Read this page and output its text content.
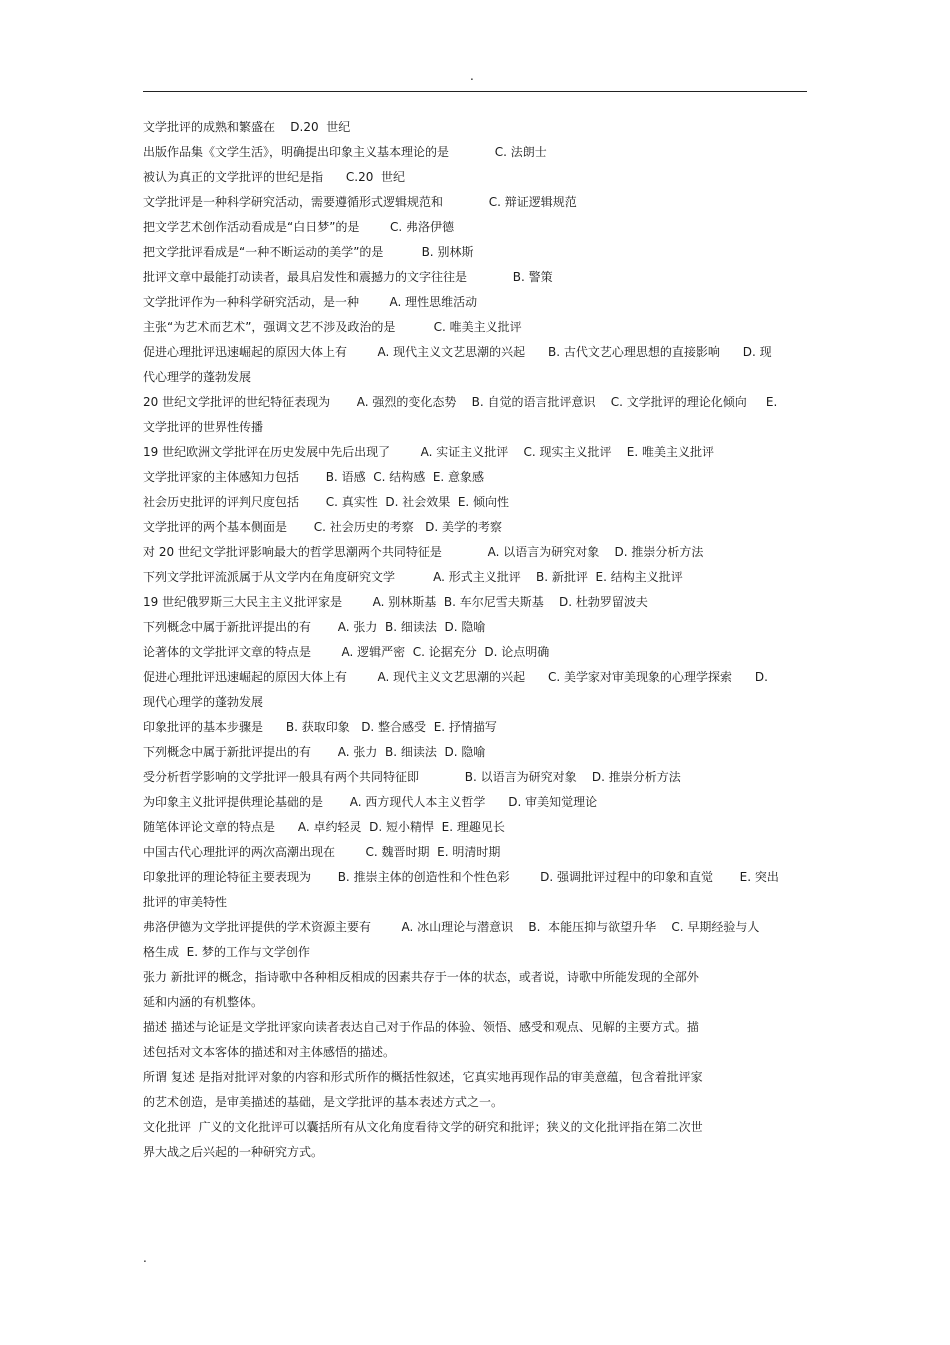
.
文学批评的成熟和繁盛在    D.20  世纪
出版作品集《文学生活》，明确提出印象主义基本理论的是            C. 法朗士
被认为真正的文学批评的世纪是指      C.20  世纪
文学批评是一种科学研究活动，需要遵循形式逻辑规范和            C. 辩证逻辑规范
把文学艺术创作活动看成是“白日梦”的是        C. 弗洛伊德
把文学批评看成是“一种不断运动的美学”的是          B. 别林斯
批评文章中最能打动读者，最具启发性和震撼力的文字往往是            B. 警策
文学批评作为一种科学研究活动，是一种        A. 理性思维活动
主张“为艺术而艺术”，强调文艺不涉及政治的是          C. 唯美主义批评
促进心理批评迅速崛起的原因大体上有        A. 现代主义文艺思潮的兴起      B. 古代文艺心理思想的直接影响      D. 现
代心理学的蓬勃发展
20 世纪文学批评的世纪特征表现为       A. 强烈的变化态势    B. 自觉的语言批评意识    C. 文学批评的理论化倾向     E.
文学批评的世界性传播
19 世纪欧洲文学批评在历史发展中先后出现了        A. 实证主义批评    C. 现实主义批评    E. 唯美主义批评
文学批评家的主体感知力包括       B. 语感  C. 结构感  E. 意象感
社会历史批评的评判尺度包括       C. 真实性  D. 社会效果  E. 倾向性
文学批评的两个基本侧面是       C. 社会历史的考察   D. 美学的考察
对 20 世纪文学批评影响最大的哲学思潮两个共同特征是            A. 以语言为研究对象    D. 推崇分析方法
下列文学批评流派属于从文学内在角度研究文学          A. 形式主义批评    B. 新批评  E. 结构主义批评
19 世纪俄罗斯三大民主主义批评家是        A. 别林斯基  B. 车尔尼雪夫斯基    D. 杜勃罗留波夫
下列概念中属于新批评提出的有       A. 张力  B. 细读法  D. 隐喻
论著体的文学批评文章的特点是        A. 逻辑严密  C. 论据充分  D. 论点明确
促进心理批评迅速崛起的原因大体上有        A. 现代主义文艺思潮的兴起      C. 美学家对审美现象的心理学探索      D.
现代心理学的蓬勃发展
印象批评的基本步骤是      B. 获取印象   D. 整合感受  E. 抒情描写
下列概念中属于新批评提出的有       A. 张力  B. 细读法  D. 隐喻
受分析哲学影响的文学批评一般具有两个共同特征即            B. 以语言为研究对象    D. 推崇分析方法
为印象主义批评提供理论基础的是       A. 西方现代人本主义哲学      D. 审美知觉理论
随笔体评论文章的特点是      A. 卓约轻灵  D. 短小精悍  E. 理趣见长
中国古代心理批评的两次高潮出现在        C. 魏晋时期  E. 明清时期
印象批评的理论特征主要表现为       B. 推崇主体的创造性和个性色彩        D. 强调批评过程中的印象和直觉       E. 突出
批评的审美特性
弗洛伊德为文学批评提供的学术资源主要有        A. 冰山理论与潜意识    B.  本能压抑与欲望升华    C. 早期经验与人
格生成  E. 梦的工作与文学创作
张力 新批评的概念，指诗歌中各种相反相成的因素共存于一体的状态，或者说，诗歌中所能发现的全部外
延和内涵的有机整体。
描述 描述与论证是文学批评家向读者表达自己对于作品的体验、领悟、感受和观点、见解的主要方式。描
述包括对文本客体的描述和对主体感悟的描述。
所谓 复述 是指对批评对象的内容和形式所作的概括性叙述，它真实地再现作品的审美意蕴，包含着批评家
的艺术创造，是审美描述的基础，是文学批评的基本表述方式之一。
文化批评  广义的文化批评可以囊括所有从文化角度看待文学的研究和批评；狭义的文化批评指在第二次世
界大战之后兴起的一种研究方式。
.
